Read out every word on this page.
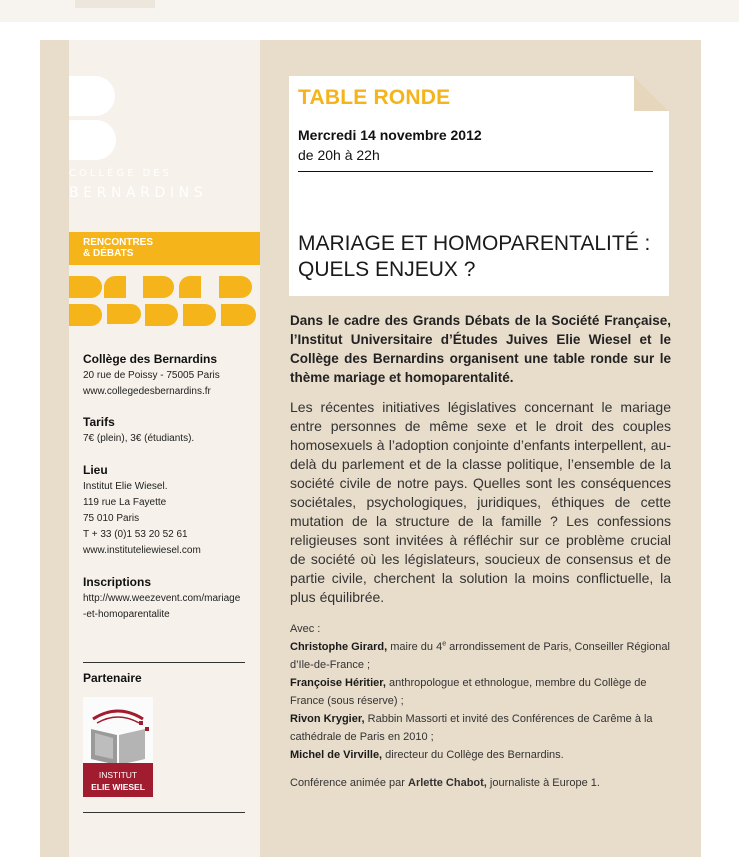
COLLÈGE DES
BERNARDINS
RENCONTRES
& DÉBATS
Collège des Bernardins
20 rue de Poissy - 75005 Paris
www.collegedesbernardins.fr
Tarifs
7€ (plein), 3€ (étudiants).
Lieu
Institut Elie Wiesel.
119 rue La Fayette
75 010 Paris
T + 33 (0)1 53 20 52 61
www.instituteliewiesel.com
Inscriptions
http://www.weezevent.com/mariage
-et-homoparentalite
Partenaire
INSTITUT
ELIE WIESEL
TABLE RONDE
Mercredi 14 novembre 2012
de 20h à 22h
MARIAGE ET HOMOPARENTALITÉ :
QUELS ENJEUX ?
Dans le cadre des Grands Débats de la Société Française, l’Institut Universitaire d’Études Juives Elie Wiesel et le Collège des Bernardins organisent une table ronde sur le thème mariage et homoparentalité.
Les récentes initiatives législatives concernant le mariage entre personnes de même sexe et le droit des couples homosexuels à l’adoption conjointe d’enfants interpellent, au-delà du parlement et de la classe politique, l’ensemble de la société civile de notre pays. Quelles sont les conséquences sociétales, psychologiques, juridiques, éthiques de cette mutation de la structure de la famille ? Les confessions religieuses sont invitées à réfléchir sur ce problème crucial de société où les législateurs, soucieux de consensus et de partie civile, cherchent la solution la moins conflictuelle, la plus équilibrée.
Avec :
Christophe Girard, maire du 4e arrondissement de Paris, Conseiller Régional d’Ile-de-France ;
Françoise Héritier, anthropologue et ethnologue, membre du Collège de France (sous réserve) ;
Rivon Krygier, Rabbin Massorti et invité des Conférences de Carême à la cathédrale de Paris en 2010 ;
Michel de Virville, directeur du Collège des Bernardins.
Conférence animée par Arlette Chabot, journaliste à Europe 1.
